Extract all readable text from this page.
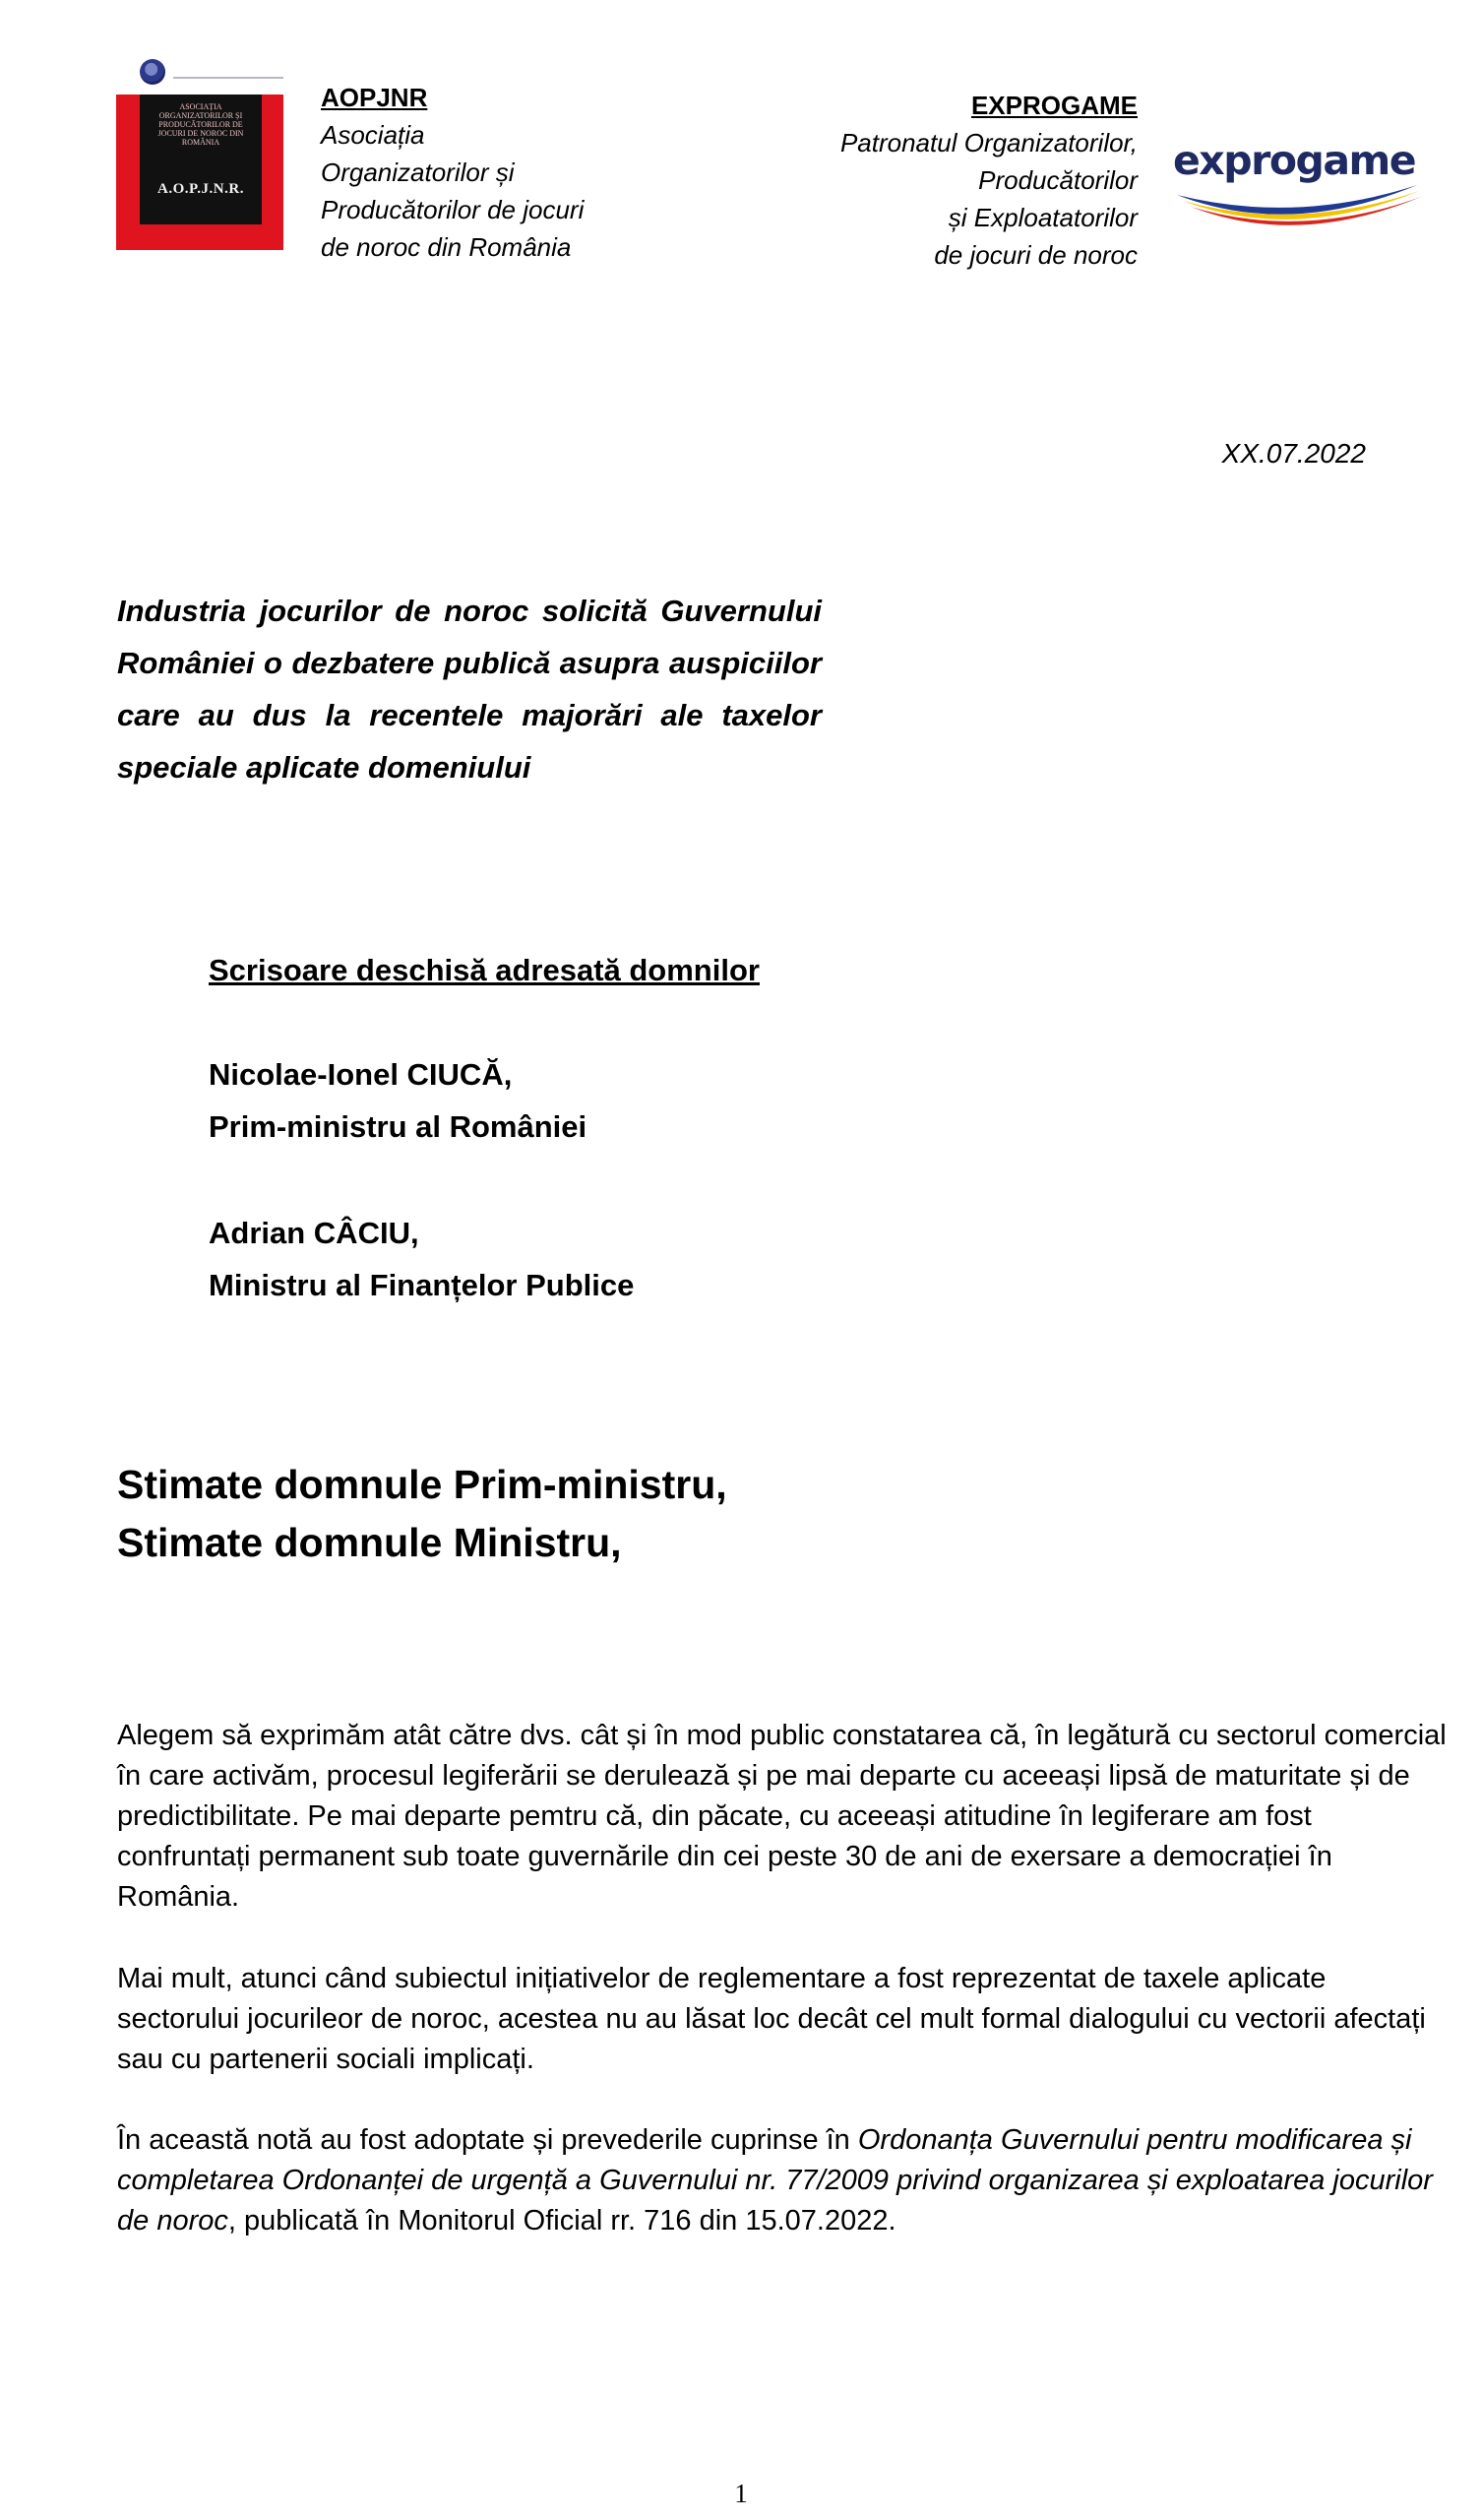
ASOCIAȚIA ORGANIZATORILOR ȘI PRODUCĂTORILOR DE JOCURI DE NOROC DIN ROMÂNIA
A.O.P.J.N.R.
AOPJNR
Asociația
Organizatorilor și
Producătorilor de jocuri
de noroc din România
EXPROGAME
Patronatul Organizatorilor,
Producătorilor
și Exploatatorilor
de jocuri de noroc
exprogame
XX.07.2022
Industria jocurilor de noroc solicită Guvernului României o dezbatere publică asupra auspiciilor care au dus la recentele majorări ale taxelor speciale aplicate domeniului
Scrisoare deschisă adresată domnilor
Nicolae-Ionel CIUCĂ,
Prim-ministru al României
Adrian CÂCIU,
Ministru al Finanțelor Publice
Stimate domnule Prim-ministru,
Stimate domnule Ministru,
Alegem să exprimăm atât către dvs. cât și în mod public constatarea că, în legătură cu sectorul comercial în care activăm, procesul legiferării se derulează și pe mai departe cu aceeași lipsă de maturitate și de predictibilitate. Pe mai departe pemtru că, din păcate, cu aceeași atitudine în legiferare am fost confruntați permanent sub toate guvernările din cei peste 30 de ani de exersare a democrației în România.
Mai mult, atunci când subiectul inițiativelor de reglementare a fost reprezentat de taxele aplicate sectorului jocurileor de noroc, acestea nu au lăsat loc decât cel mult formal dialogului cu vectorii afectați sau cu partenerii sociali implicați.
În această notă au fost adoptate și prevederile cuprinse în Ordonanța Guvernului pentru modificarea și completarea Ordonanței de urgență a Guvernului nr. 77/2009 privind organizarea și exploatarea jocurilor de noroc, publicată în Monitorul Oficial rr. 716 din 15.07.2022.
1
